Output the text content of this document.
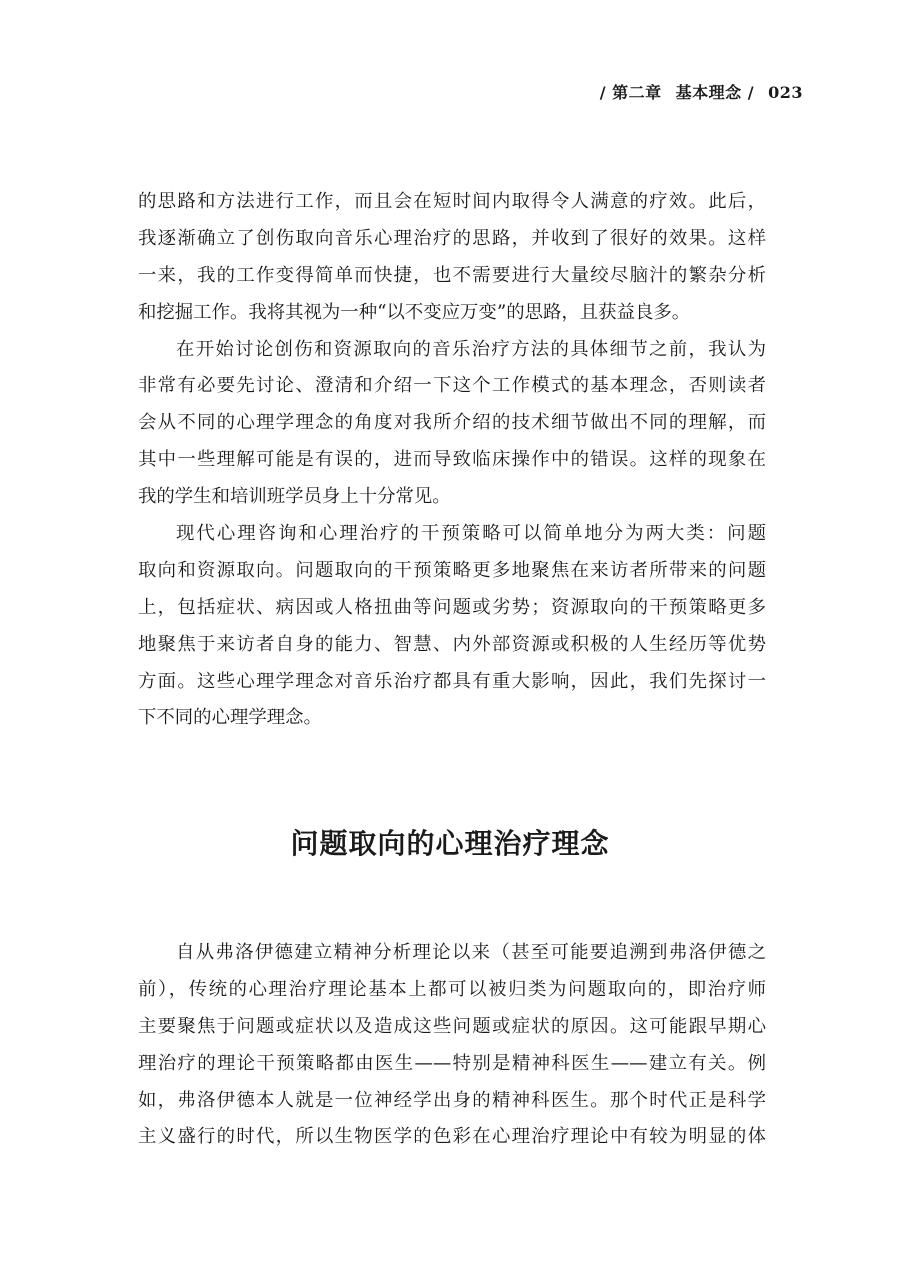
/ 第二章 基本理念 / 023

的思路和方法进行工作，而且会在短时间内取得令人满意的疗效。此后，
我逐渐确立了创伤取向音乐心理治疗的思路，并收到了很好的效果。这样
一来，我的工作变得简单而快捷，也不需要进行大量绞尽脑汁的繁杂分析
和挖掘工作。我将其视为一种“以不变应万变”的思路，且获益良多。

在开始讨论创伤和资源取向的音乐治疗方法的具体细节之前，我认为
非常有必要先讨论、澄清和介绍一下这个工作模式的基本理念，否则读者
会从不同的心理学理念的角度对我所介绍的技术细节做出不同的理解，而
其中一些理解可能是有误的，进而导致临床操作中的错误。这样的现象在
我的学生和培训班学员身上十分常见。

现代心理咨询和心理治疗的干预策略可以简单地分为两大类：问题
取向和资源取向。问题取向的干预策略更多地聚焦在来访者所带来的问题
上，包括症状、病因或人格扭曲等问题或劣势；资源取向的干预策略更多
地聚焦于来访者自身的能力、智慧、内外部资源或积极的人生经历等优势
方面。这些心理学理念对音乐治疗都具有重大影响，因此，我们先探讨一
下不同的心理学理念。

问题取向的心理治疗理念

自从弗洛伊德建立精神分析理论以来（甚至可能要追溯到弗洛伊德之
前），传统的心理治疗理论基本上都可以被归类为问题取向的，即治疗师
主要聚焦于问题或症状以及造成这些问题或症状的原因。这可能跟早期心
理治疗的理论干预策略都由医生——特别是精神科医生——建立有关。例
如，弗洛伊德本人就是一位神经学出身的精神科医生。那个时代正是科学
主义盛行的时代，所以生物医学的色彩在心理治疗理论中有较为明显的体
